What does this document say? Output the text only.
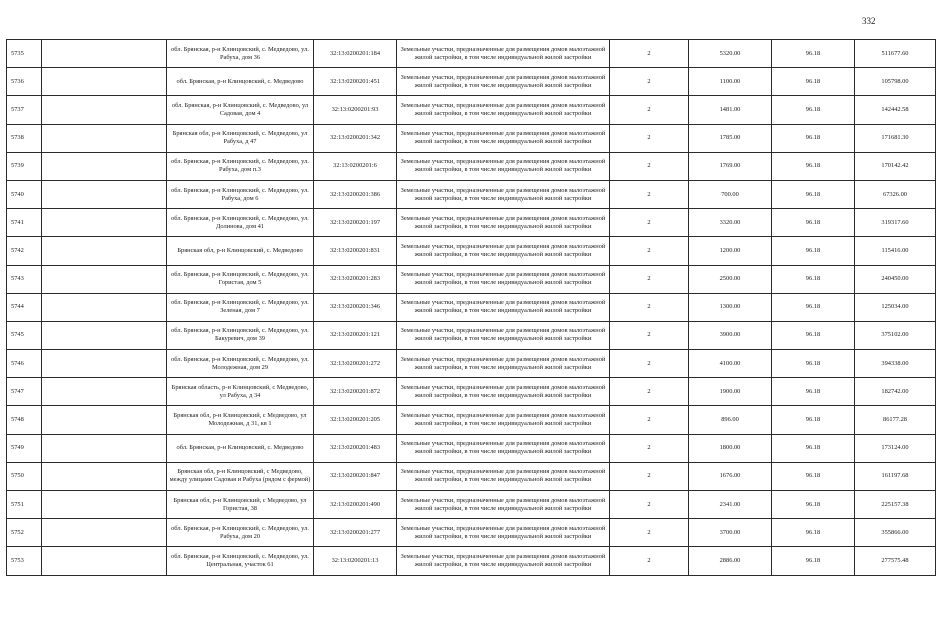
332
5735		обл. Брянская, р-н Клинцовский, с. Медведово, ул. Рабуха, дом 36	32:13:0200201:184	Земельные участки, предназначенные для размещения домов малоэтажной жилой застройки, в том числе индивидуальной жилой застройки	2	5320.00	96.18	511677.60
5736		обл. Брянская, р-н Клинцовский, с. Медведово	32:13:0200201:451	Земельные участки, предназначенные для размещения домов малоэтажной жилой застройки, в том числе индивидуальной жилой застройки	2	1100.00	96.18	105798.00
5737		обл. Брянская, р-н Клинцовский, с. Медведово, ул Садовая, дом 4	32:13:0200201:93	Земельные участки, предназначенные для размещения домов малоэтажной жилой застройки, в том числе индивидуальной жилой застройки	2	1481.00	96.18	142442.58
5738		Брянская обл, р-н Клинцовский, с. Медведово, ул Рабуха, д 47	32:13:0200201:342	Земельные участки, предназначенные для размещения домов малоэтажной жилой застройки, в том числе индивидуальной жилой застройки	2	1785.00	96.18	171681.30
5739		обл. Брянская, р-н Клинцовский, с. Медведово, ул. Рабуха, дом п.3	32:13:0200201:6	Земельные участки, предназначенные для размещения домов малоэтажной жилой застройки, в том числе индивидуальной жилой застройки	2	1769.00	96.18	170142.42
5740		обл. Брянская, р-н Клинцовский, с. Медведово, ул. Рабуха, дом 6	32:13:0200201:386	Земельные участки, предназначенные для размещения домов малоэтажной жилой застройки, в том числе индивидуальной жилой застройки	2	700.00	96.18	67326.00
5741		обл. Брянская, р-н Клинцовский, с. Медведово, ул. Долинова, дом 41	32:13:0200201:197	Земельные участки, предназначенные для размещения домов малоэтажной жилой застройки, в том числе индивидуальной жилой застройки	2	3320.00	96.18	319317.60
5742		Брянская обл, р-н Клинцовский, с. Медведово	32:13:0200201:831	Земельные участки, предназначенные для размещения домов малоэтажной жилой застройки, в том числе индивидуальной жилой застройки	2	1200.00	96.18	115416.00
5743		обл. Брянская, р-н Клинцовский, с. Медведово, ул. Гористая, дом 5	32:13:0200201:283	Земельные участки, предназначенные для размещения домов малоэтажной жилой застройки, в том числе индивидуальной жилой застройки	2	2500.00	96.18	240450.00
5744		обл. Брянская, р-н Клинцовский, с. Медведово, ул. Зеленая, дом 7	32:13:0200201:346	Земельные участки, предназначенные для размещения домов малоэтажной жилой застройки, в том числе индивидуальной жилой застройки	2	1300.00	96.18	125034.00
5745		обл. Брянская, р-н Клинцовский, с. Медведово, ул. Бакуревич, дом 39	32:13:0200201:121	Земельные участки, предназначенные для размещения домов малоэтажной жилой застройки, в том числе индивидуальной жилой застройки	2	3900.00	96.18	375102.00
5746		обл. Брянская, р-н Клинцовский, с. Медведово, ул. Молодежная, дом 29	32:13:0200201:272	Земельные участки, предназначенные для размещения домов малоэтажной жилой застройки, в том числе индивидуальной жилой застройки	2	4100.00	96.18	394338.00
5747		Брянская область, р-н Клинцовский, с Медведово, ул Рабуха, д 34	32:13:0200201:872	Земельные участки, предназначенные для размещения домов малоэтажной жилой застройки, в том числе индивидуальной жилой застройки	2	1900.00	96.18	182742.00
5748		Брянская обл, р-н Клинцовский, с Медведово, ул Молодежная, д 31, кв 1	32:13:0200201:205	Земельные участки, предназначенные для размещения домов малоэтажной жилой застройки, в том числе индивидуальной жилой застройки	2	896.00	96.18	86177.28
5749		обл. Брянская, р-н Клинцовский, с. Медведово	32:13:0200201:483	Земельные участки, предназначенные для размещения домов малоэтажной жилой застройки, в том числе индивидуальной жилой застройки	2	1800.00	96.18	173124.00
5750		Брянская обл, р-н Клинцовский, с Медведово, между улицами Садовая и Рабуха (рядом с фермой)	32:13:0200201:847	Земельные участки, предназначенные для размещения домов малоэтажной жилой застройки, в том числе индивидуальной жилой застройки	2	1676.00	96.18	161197.68
5751		Брянская обл, р-н Клинцовский, с Медведово, ул Гористая, 38	32:13:0200201:490	Земельные участки, предназначенные для размещения домов малоэтажной жилой застройки, в том числе индивидуальной жилой застройки	2	2341.00	96.18	225157.38
5752		обл. Брянская, р-н Клинцовский, с. Медведово, ул. Рабуха, дом 20	32:13:0200201:277	Земельные участки, предназначенные для размещения домов малоэтажной жилой застройки, в том числе индивидуальной жилой застройки	2	3700.00	96.18	355866.00
5753		обл. Брянская, р-н Клинцовский, с. Медведово, ул. Центральная, участок 61	32:13:0200201:13	Земельные участки, предназначенные для размещения домов малоэтажной жилой застройки, в том числе индивидуальной жилой застройки	2	2886.00	96.18	277575.48
